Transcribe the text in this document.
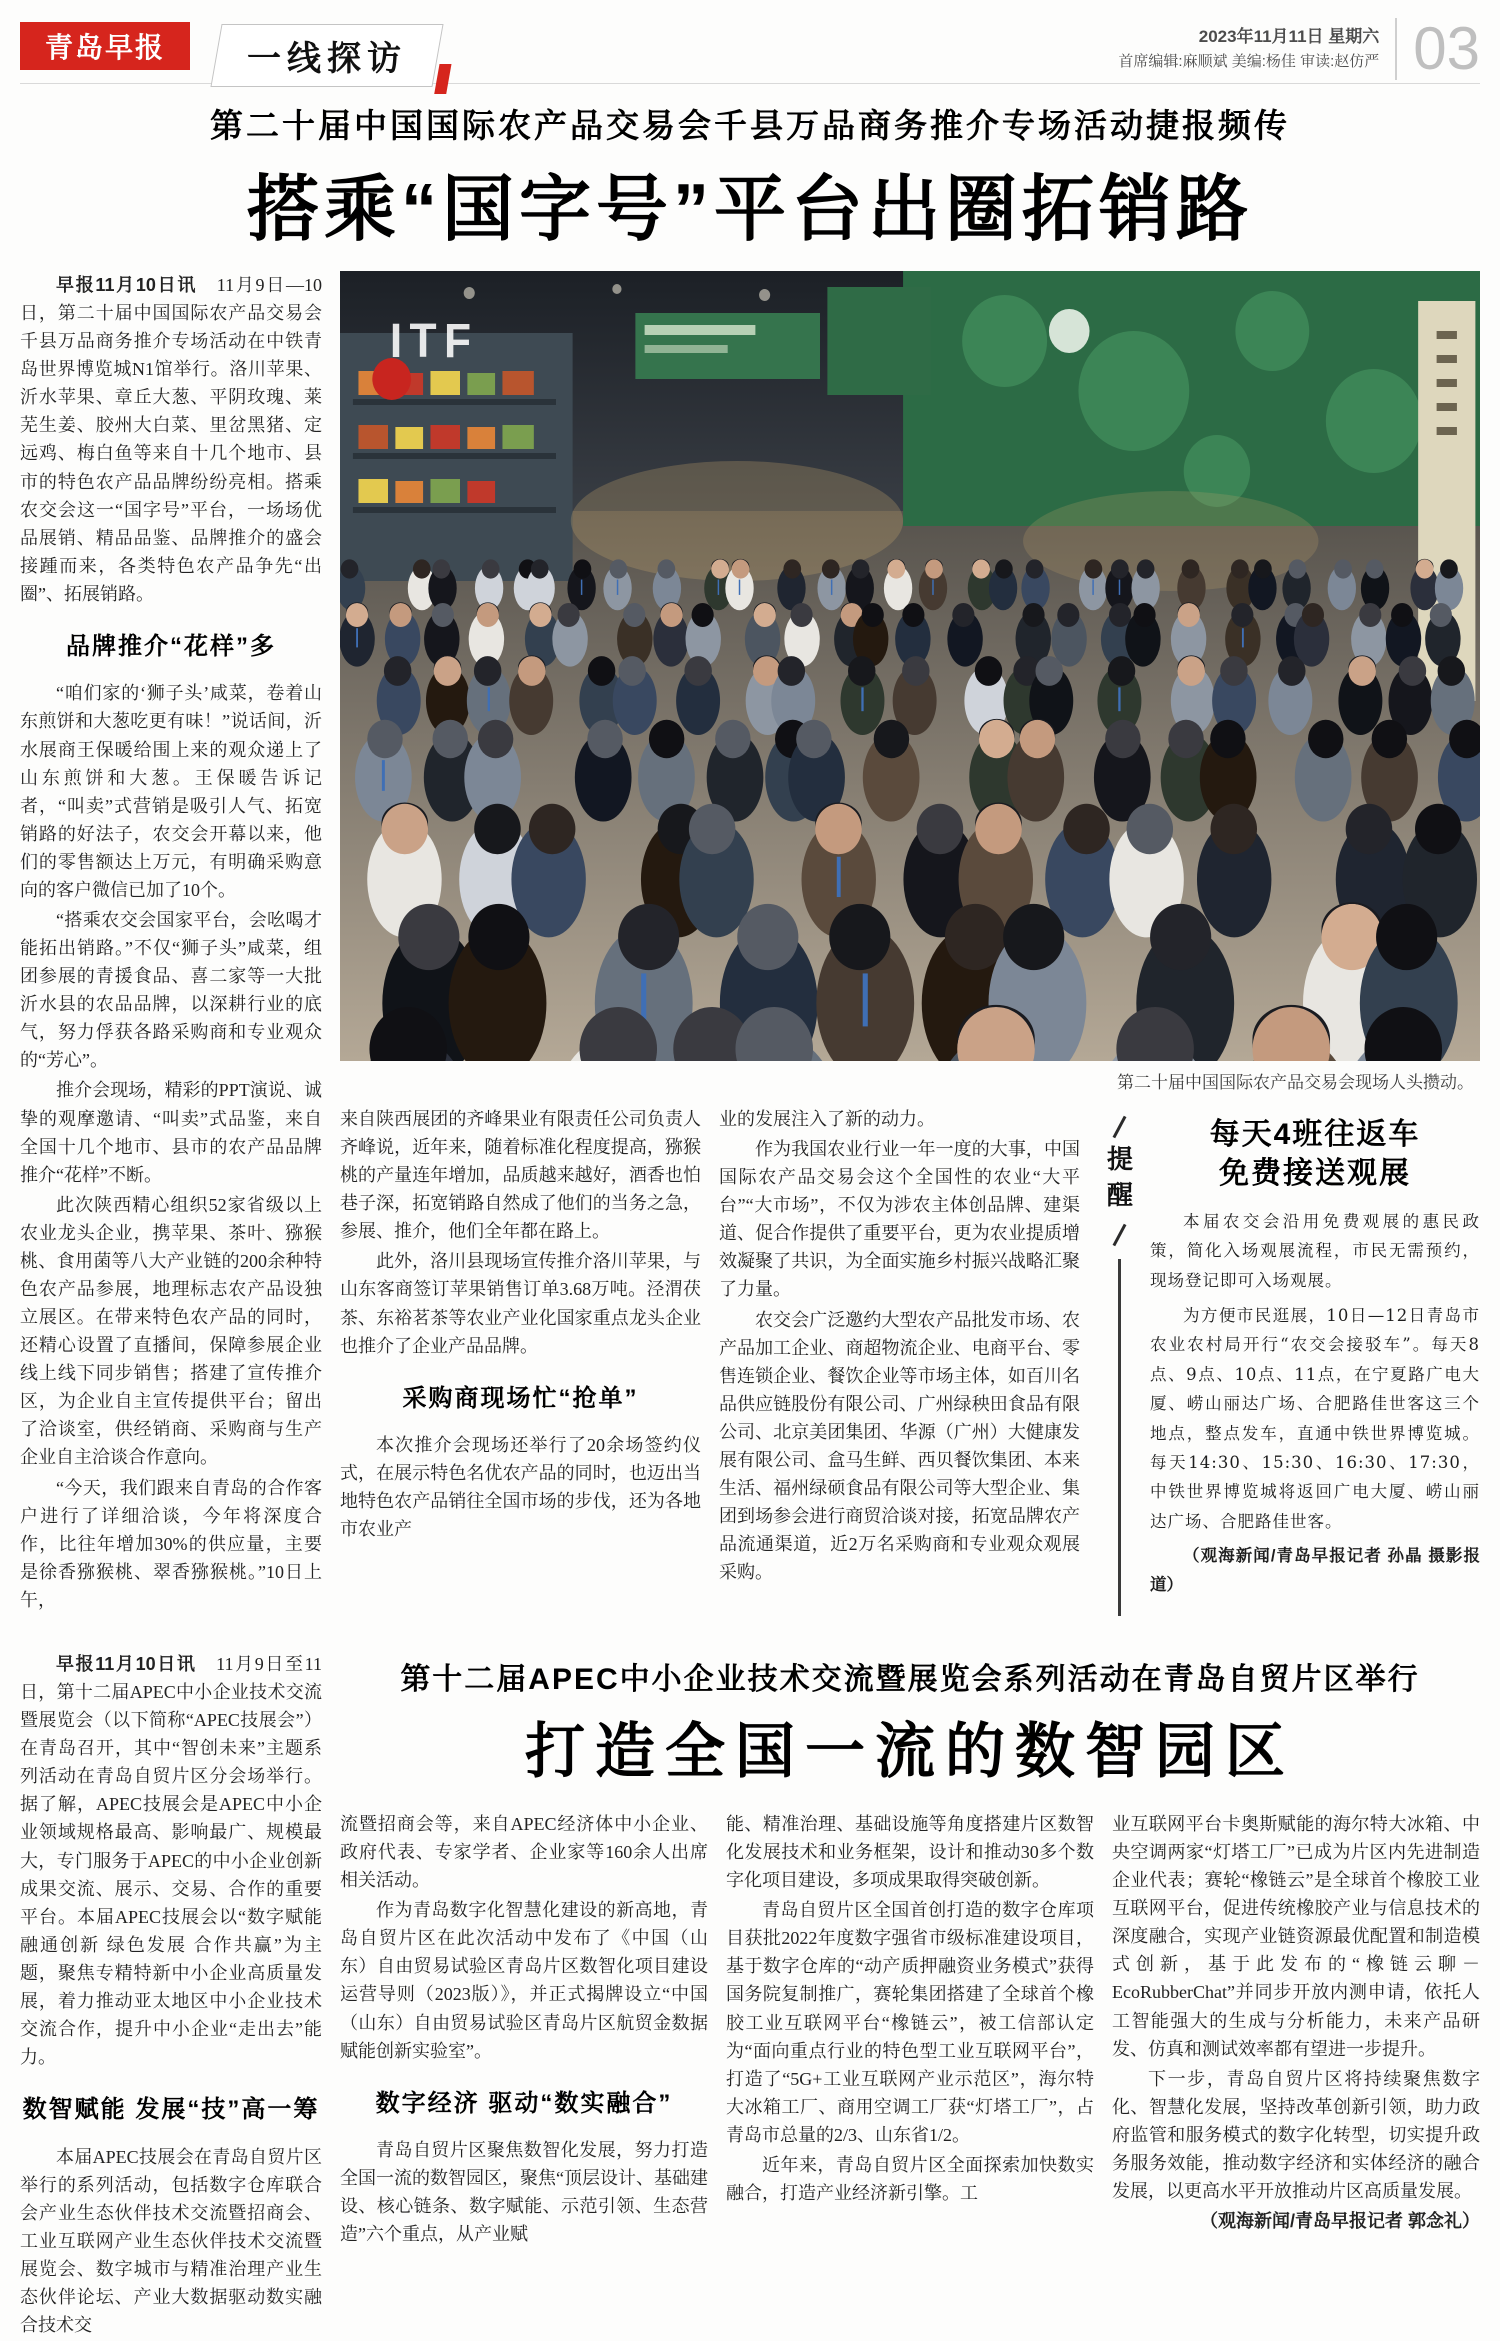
青岛早报	一线探访
2023年11月11日 星期六
首席编辑:麻顺斌 美编:杨佳 审读:赵仿严 03
第二十届中国国际农产品交易会千县万品商务推介专场活动捷报频传
搭乘“国字号”平台出圈拓销路

早报11月10日讯　11月9日—10日，第二十届中国国际农产品交易会千县万品商务推介专场活动在中铁青岛世界博览城N1馆举行。洛川苹果、沂水苹果、章丘大葱、平阴玫瑰、莱芜生姜、胶州大白菜、里岔黑猪、定远鸡、梅白鱼等来自十几个地市、县市的特色农产品品牌纷纷亮相。搭乘农交会这一“国字号”平台，一场场优品展销、精品品鉴、品牌推介的盛会接踵而来，各类特色农产品争先“出圈”、拓展销路。

品牌推介“花样”多

“咱们家的‘狮子头’咸菜，卷着山东煎饼和大葱吃更有味！”说话间，沂水展商王保暖给围上来的观众递上了山东煎饼和大葱。王保暖告诉记者，“叫卖”式营销是吸引人气、拓宽销路的好法子，农交会开幕以来，他们的零售额达上万元，有明确采购意向的客户微信已加了10个。

“搭乘农交会国家平台，会吆喝才能拓出销路。”不仅“狮子头”咸菜，组团参展的青援食品、喜二家等一大批沂水县的农品品牌，以深耕行业的底气，努力俘获各路采购商和专业观众的“芳心”。

推介会现场，精彩的PPT演说、诚挚的观摩邀请、“叫卖”式品鉴，来自全国十几个地市、县市的农产品品牌推介“花样”不断。

此次陕西精心组织52家省级以上农业龙头企业，携苹果、茶叶、猕猴桃、食用菌等八大产业链的200余种特色农产品参展，地理标志农产品设独立展区。在带来特色农产品的同时，还精心设置了直播间，保障参展企业线上线下同步销售；搭建了宣传推介区，为企业自主宣传提供平台；留出了洽谈室，供经销商、采购商与生产企业自主洽谈合作意向。

“今天，我们跟来自青岛的合作客户进行了详细洽谈，今年将深度合作，比往年增加30%的供应量，主要是徐香猕猴桃、翠香猕猴桃。”10日上午，

ITF
第二十届中国国际农产品交易会现场人头攒动。

来自陕西展团的齐峰果业有限责任公司负责人齐峰说，近年来，随着标准化程度提高，猕猴桃的产量连年增加，品质越来越好，酒香也怕巷子深，拓宽销路自然成了他们的当务之急，参展、推介，他们全年都在路上。

此外，洛川县现场宣传推介洛川苹果，与山东客商签订苹果销售订单3.68万吨。泾渭茯茶、东裕茗茶等农业产业化国家重点龙头企业也推介了企业产品品牌。

采购商现场忙“抢单”

本次推介会现场还举行了20余场签约仪式，在展示特色名优农产品的同时，也迈出当地特色农产品销往全国市场的步伐，还为各地市农业产

业的发展注入了新的动力。

作为我国农业行业一年一度的大事，中国国际农产品交易会这个全国性的农业“大平台”“大市场”，不仅为涉农主体创品牌、建渠道、促合作提供了重要平台，更为农业提质增效凝聚了共识，为全面实施乡村振兴战略汇聚了力量。

农交会广泛邀约大型农产品批发市场、农产品加工企业、商超物流企业、电商平台、零售连锁企业、餐饮企业等市场主体，如百川名品供应链股份有限公司、广州绿秧田食品有限公司、北京美团集团、华源（广州）大健康发展有限公司、盒马生鲜、西贝餐饮集团、本来生活、福州绿硕食品有限公司等大型企业、集团到场参会进行商贸洽谈对接，拓宽品牌农产品流通渠道，近2万名采购商和专业观众观展采购。

提醒
每天4班往返车
免费接送观展

本届农交会沿用免费观展的惠民政策，简化入场观展流程，市民无需预约，现场登记即可入场观展。

为方便市民逛展，10日—12日青岛市农业农村局开行“农交会接驳车”。每天8点、9点、10点、11点，在宁夏路广电大厦、崂山丽达广场、合肥路佳世客这三个地点，整点发车，直通中铁世界博览城。每天14:30、15:30、16:30、17:30，中铁世界博览城将返回广电大厦、崂山丽达广场、合肥路佳世客。

（观海新闻/青岛早报记者 孙晶 摄影报道）

早报11月10日讯　11月9日至11日，第十二届APEC中小企业技术交流暨展览会（以下简称“APEC技展会”）在青岛召开，其中“智创未来”主题系列活动在青岛自贸片区分会场举行。据了解，APEC技展会是APEC中小企业领域规格最高、影响最广、规模最大，专门服务于APEC的中小企业创新成果交流、展示、交易、合作的重要平台。本届APEC技展会以“数字赋能 融通创新 绿色发展 合作共赢”为主题，聚焦专精特新中小企业高质量发展，着力推动亚太地区中小企业技术交流合作，提升中小企业“走出去”能力。

数智赋能 发展“技”高一筹

本届APEC技展会在青岛自贸片区举行的系列活动，包括数字仓库联合会产业生态伙伴技术交流暨招商会、工业互联网产业生态伙伴技术交流暨展览会、数字城市与精准治理产业生态伙伴论坛、产业大数据驱动数实融合技术交

第十二届APEC中小企业技术交流暨展览会系列活动在青岛自贸片区举行
打造全国一流的数智园区

流暨招商会等，来自APEC经济体中小企业、政府代表、专家学者、企业家等160余人出席相关活动。

作为青岛数字化智慧化建设的新高地，青岛自贸片区在此次活动中发布了《中国（山东）自由贸易试验区青岛片区数智化项目建设运营导则（2023版）》，并正式揭牌设立“中国（山东）自由贸易试验区青岛片区航贸金数据赋能创新实验室”。

数字经济 驱动“数实融合”

青岛自贸片区聚焦数智化发展，努力打造全国一流的数智园区，聚焦“顶层设计、基础建设、核心链条、数字赋能、示范引领、生态营造”六个重点，从产业赋

能、精准治理、基础设施等角度搭建片区数智化发展技术和业务框架，设计和推动30多个数字化项目建设，多项成果取得突破创新。

青岛自贸片区全国首创打造的数字仓库项目获批2022年度数字强省市级标准建设项目，基于数字仓库的“动产质押融资业务模式”获得国务院复制推广，赛轮集团搭建了全球首个橡胶工业互联网平台“橡链云”，被工信部认定为“面向重点行业的特色型工业互联网平台”，打造了“5G+工业互联网产业示范区”，海尔特大冰箱工厂、商用空调工厂获“灯塔工厂”，占青岛市总量的2/3、山东省1/2。

近年来，青岛自贸片区全面探索加快数实融合，打造产业经济新引擎。工

业互联网平台卡奥斯赋能的海尔特大冰箱、中央空调两家“灯塔工厂”已成为片区内先进制造企业代表；赛轮“橡链云”是全球首个橡胶工业互联网平台，促进传统橡胶产业与信息技术的深度融合，实现产业链资源最优配置和制造模式创新，基于此发布的“橡链云聊－EcoRubberChat”并同步开放内测申请，依托人工智能强大的生成与分析能力，未来产品研发、仿真和测试效率都有望进一步提升。

下一步，青岛自贸片区将持续聚焦数字化、智慧化发展，坚持改革创新引领，助力政府监管和服务模式的数字化转型，切实提升政务服务效能，推动数字经济和实体经济的融合发展，以更高水平开放推动片区高质量发展。

（观海新闻/青岛早报记者 郭念礼）
